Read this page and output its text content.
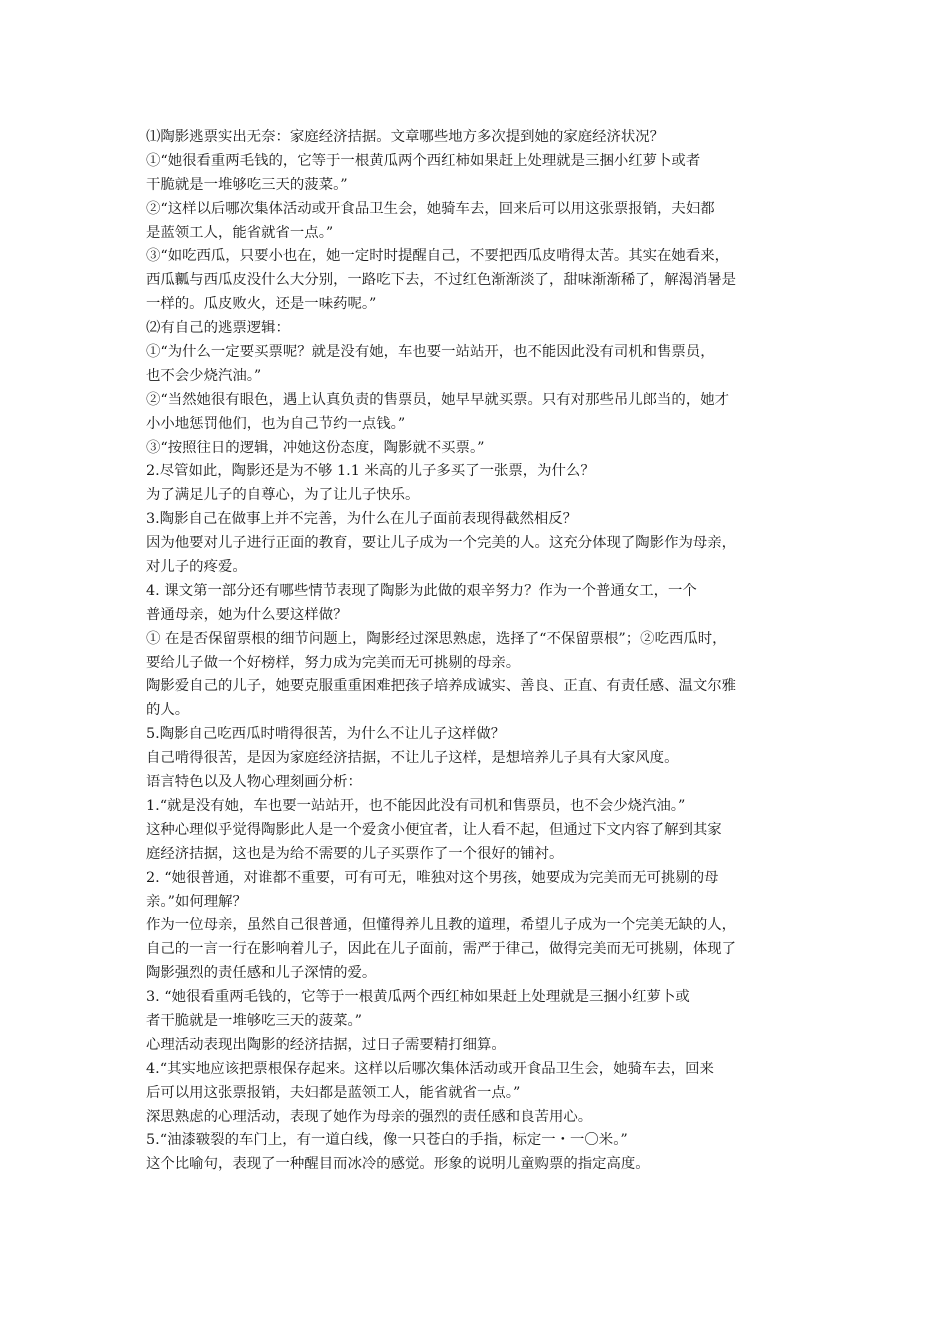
⑴陶影逃票实出无奈：家庭经济拮据。文章哪些地方多次提到她的家庭经济状况？
①“她很看重两毛钱的，它等于一根黄瓜两个西红柿如果赶上处理就是三捆小红萝卜或者
干脆就是一堆够吃三天的菠菜。”
②“这样以后哪次集体活动或开食品卫生会，她骑车去，回来后可以用这张票报销，夫妇都
是蓝领工人，能省就省一点。”
③“如吃西瓜，只要小也在，她一定时时提醒自己，不要把西瓜皮啃得太苦。其实在她看来，
西瓜瓤与西瓜皮没什么大分别，一路吃下去，不过红色渐渐淡了，甜味渐渐稀了，解渴消暑是
一样的。瓜皮败火，还是一味药呢。”
⑵有自己的逃票逻辑：
①“为什么一定要买票呢？就是没有她，车也要一站站开，也不能因此没有司机和售票员，
也不会少烧汽油。”
②“当然她很有眼色，遇上认真负责的售票员，她早早就买票。只有对那些吊儿郎当的，她才
小小地惩罚他们，也为自己节约一点钱。”
③“按照往日的逻辑，冲她这份态度，陶影就不买票。”
2.尽管如此，陶影还是为不够 1.1 米高的儿子多买了一张票，为什么？
为了满足儿子的自尊心，为了让儿子快乐。
3.陶影自己在做事上并不完善，为什么在儿子面前表现得截然相反？
因为他要对儿子进行正面的教育，要让儿子成为一个完美的人。这充分体现了陶影作为母亲，
对儿子的疼爱。
4. 课文第一部分还有哪些情节表现了陶影为此做的艰辛努力？作为一个普通女工，一个
普通母亲，她为什么要这样做？
① 在是否保留票根的细节问题上，陶影经过深思熟虑，选择了“不保留票根”；②吃西瓜时，
要给儿子做一个好榜样，努力成为完美而无可挑剔的母亲。
陶影爱自己的儿子，她要克服重重困难把孩子培养成诚实、善良、正直、有责任感、温文尔雅
的人。
5.陶影自己吃西瓜时啃得很苦，为什么不让儿子这样做？
自己啃得很苦，是因为家庭经济拮据，不让儿子这样，是想培养儿子具有大家风度。
语言特色以及人物心理刻画分析：
1.“就是没有她，车也要一站站开，也不能因此没有司机和售票员，也不会少烧汽油。”
这种心理似乎觉得陶影此人是一个爱贪小便宜者，让人看不起，但通过下文内容了解到其家
庭经济拮据，这也是为给不需要的儿子买票作了一个很好的铺衬。
2. “她很普通，对谁都不重要，可有可无，唯独对这个男孩，她要成为完美而无可挑剔的母
亲。”如何理解？
作为一位母亲，虽然自己很普通，但懂得养儿且教的道理，希望儿子成为一个完美无缺的人，
自己的一言一行在影响着儿子，因此在儿子面前，需严于律己，做得完美而无可挑剔，体现了
陶影强烈的责任感和儿子深情的爱。
3. “她很看重两毛钱的，它等于一根黄瓜两个西红柿如果赶上处理就是三捆小红萝卜或
者干脆就是一堆够吃三天的菠菜。”
心理活动表现出陶影的经济拮据，过日子需要精打细算。
4.“其实地应该把票根保存起来。这样以后哪次集体活动或开食品卫生会，她骑车去，回来
后可以用这张票报销，夫妇都是蓝领工人，能省就省一点。”
深思熟虑的心理活动，表现了她作为母亲的强烈的责任感和良苦用心。
5.“油漆皲裂的车门上，有一道白线，像一只苍白的手指，标定一・一〇米。”
这个比喻句，表现了一种醒目而冰冷的感觉。形象的说明儿童购票的指定高度。
